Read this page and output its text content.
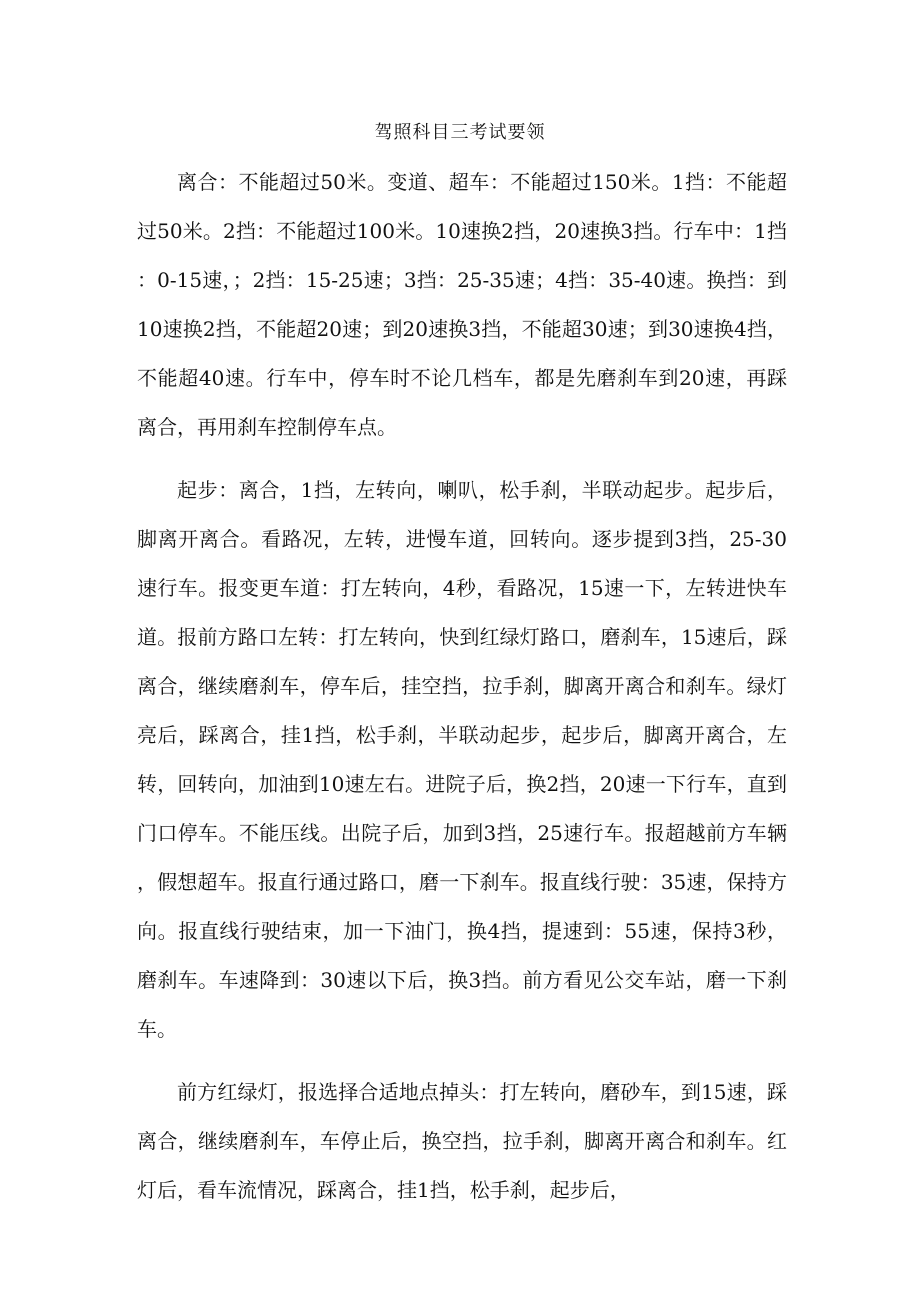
驾照科目三考试要领

离合：不能超过50米。变道、超车：不能超过150米。1挡：不能超过50米。2挡：不能超过100米。10速换2挡，20速换3挡。行车中：1挡：0-15速，；2挡：15-25速；3挡：25-35速；4挡：35-40速。换挡：到10速换2挡，不能超20速；到20速换3挡，不能超30速；到30速换4挡，不能超40速。行车中，停车时不论几档车，都是先磨刹车到20速，再踩离合，再用刹车控制停车点。

起步：离合，1挡，左转向，喇叭，松手刹，半联动起步。起步后，脚离开离合。看路况，左转，进慢车道，回转向。逐步提到3挡，25-30速行车。报变更车道：打左转向，4秒，看路况，15速一下，左转进快车道。报前方路口左转：打左转向，快到红绿灯路口，磨刹车，15速后，踩离合，继续磨刹车，停车后，挂空挡，拉手刹，脚离开离合和刹车。绿灯亮后，踩离合，挂1挡，松手刹，半联动起步，起步后，脚离开离合，左转，回转向，加油到10速左右。进院子后，换2挡，20速一下行车，直到门口停车。不能压线。出院子后，加到3挡，25速行车。报超越前方车辆，假想超车。报直行通过路口，磨一下刹车。报直线行驶：35速，保持方向。报直线行驶结束，加一下油门，换4挡，提速到：55速，保持3秒，磨刹车。车速降到：30速以下后，换3挡。前方看见公交车站，磨一下刹车。

前方红绿灯，报选择合适地点掉头：打左转向，磨砂车，到15速，踩离合，继续磨刹车，车停止后，换空挡，拉手刹，脚离开离合和刹车。红灯后，看车流情况，踩离合，挂1挡，松手刹，起步后，
